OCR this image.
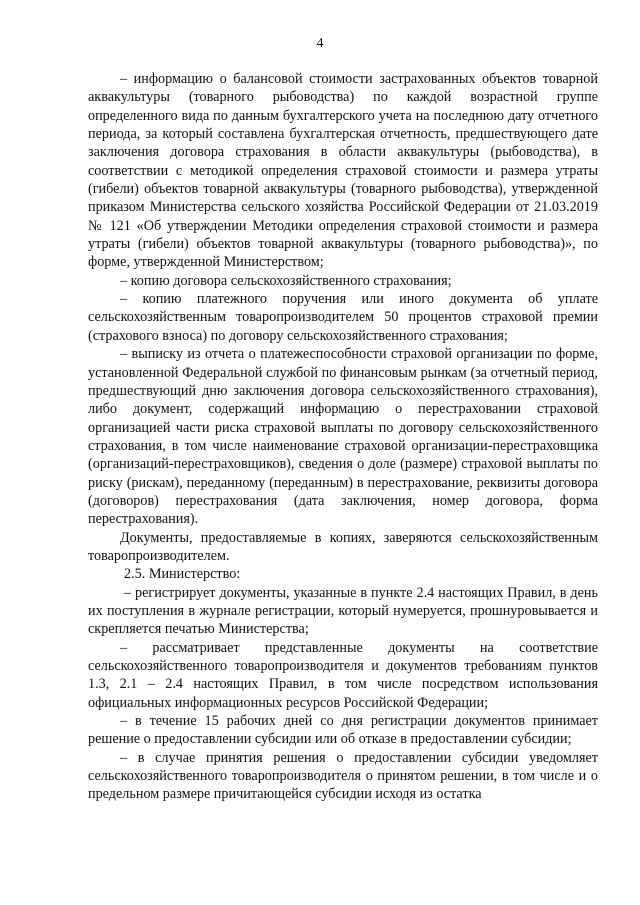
4

– информацию о балансовой стоимости застрахованных объектов товарной аквакультуры (товарного рыбоводства) по каждой возрастной группе определенного вида по данным бухгалтерского учета на последнюю дату отчетного периода, за который составлена бухгалтерская отчетность, предшествующего дате заключения договора страхования в области аквакультуры (рыбоводства), в соответствии с методикой определения страховой стоимости и размера утраты (гибели) объектов товарной аквакультуры (товарного рыбоводства), утвержденной приказом Министерства сельского хозяйства Российской Федерации от 21.03.2019 № 121 «Об утверждении Методики определения страховой стоимости и размера утраты (гибели) объектов товарной аквакультуры (товарного рыбоводства)», по форме, утвержденной Министерством;

– копию договора сельскохозяйственного страхования;

– копию платежного поручения или иного документа об уплате сельскохозяйственным товаропроизводителем 50 процентов страховой премии (страхового взноса) по договору сельскохозяйственного страхования;

– выписку из отчета о платежеспособности страховой организации по форме, установленной Федеральной службой по финансовым рынкам (за отчетный период, предшествующий дню заключения договора сельскохозяйственного страхования), либо документ, содержащий информацию о перестраховании страховой организацией части риска страховой выплаты по договору сельскохозяйственного страхования, в том числе наименование страховой организации-перестраховщика (организаций-перестраховщиков), сведения о доле (размере) страховой выплаты по риску (рискам), переданному (переданным) в перестрахование, реквизиты договора (договоров) перестрахования (дата заключения, номер договора, форма перестрахования).

Документы, предоставляемые в копиях, заверяются сельскохозяйственным товаропроизводителем.

2.5. Министерство:

– регистрирует документы, указанные в пункте 2.4 настоящих Правил, в день их поступления в журнале регистрации, который нумеруется, прошнуровывается и скрепляется печатью Министерства;

– рассматривает представленные документы на соответствие сельскохозяйственного товаропроизводителя и документов требованиям пунктов 1.3, 2.1 – 2.4 настоящих Правил, в том числе посредством использования официальных информационных ресурсов Российской Федерации;

– в течение 15 рабочих дней со дня регистрации документов принимает решение о предоставлении субсидии или об отказе в предоставлении субсидии;

– в случае принятия решения о предоставлении субсидии уведомляет сельскохозяйственного товаропроизводителя о принятом решении, в том числе и о предельном размере причитающейся субсидии исходя из остатка
